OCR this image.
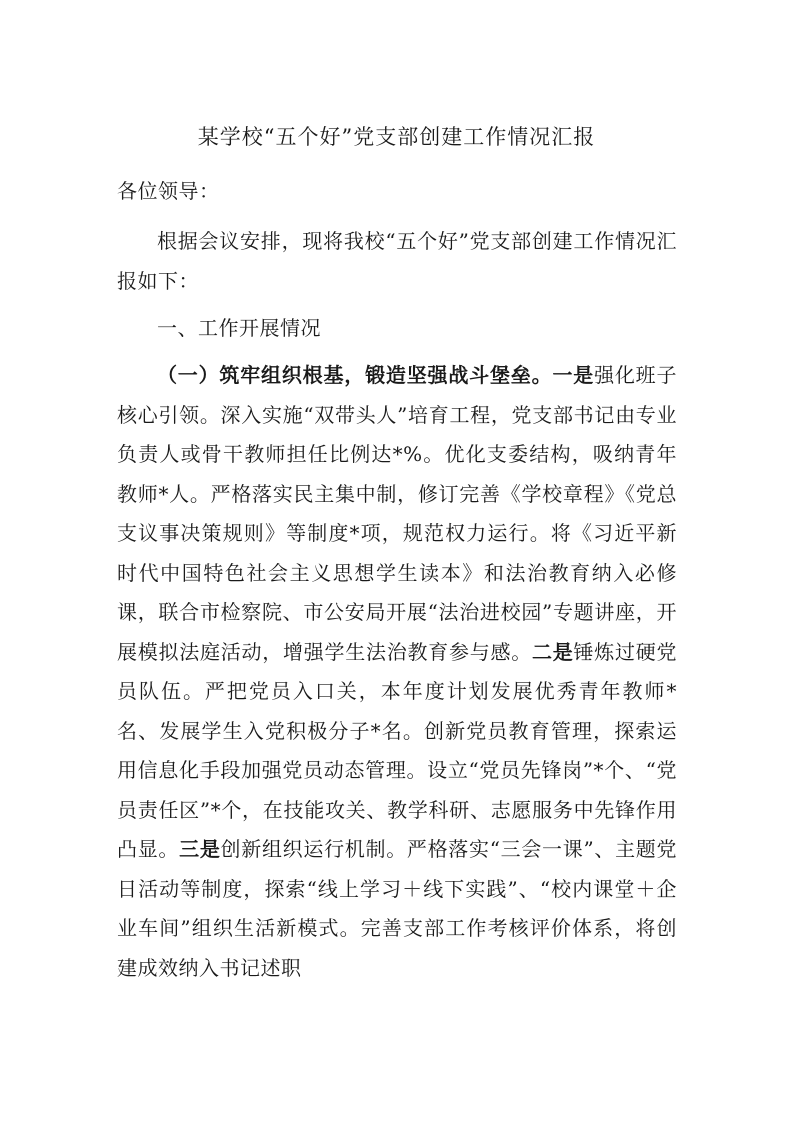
某学校“五个好”党支部创建工作情况汇报

各位领导：

根据会议安排，现将我校“五个好”党支部创建工作情况汇报如下：

一、工作开展情况

（一）筑牢组织根基，锻造坚强战斗堡垒。一是强化班子核心引领。深入实施“双带头人”培育工程，党支部书记由专业负责人或骨干教师担任比例达*%。优化支委结构，吸纳青年教师*人。严格落实民主集中制，修订完善《学校章程》《党总支议事决策规则》等制度*项，规范权力运行。将《习近平新时代中国特色社会主义思想学生读本》和法治教育纳入必修课，联合市检察院、市公安局开展“法治进校园”专题讲座，开展模拟法庭活动，增强学生法治教育参与感。二是锤炼过硬党员队伍。严把党员入口关，本年度计划发展优秀青年教师*名、发展学生入党积极分子*名。创新党员教育管理，探索运用信息化手段加强党员动态管理。设立“党员先锋岗”*个、“党员责任区”*个，在技能攻关、教学科研、志愿服务中先锋作用凸显。三是创新组织运行机制。严格落实“三会一课”、主题党日活动等制度，探索“线上学习＋线下实践”、“校内课堂＋企业车间”组织生活新模式。完善支部工作考核评价体系，将创建成效纳入书记述职
